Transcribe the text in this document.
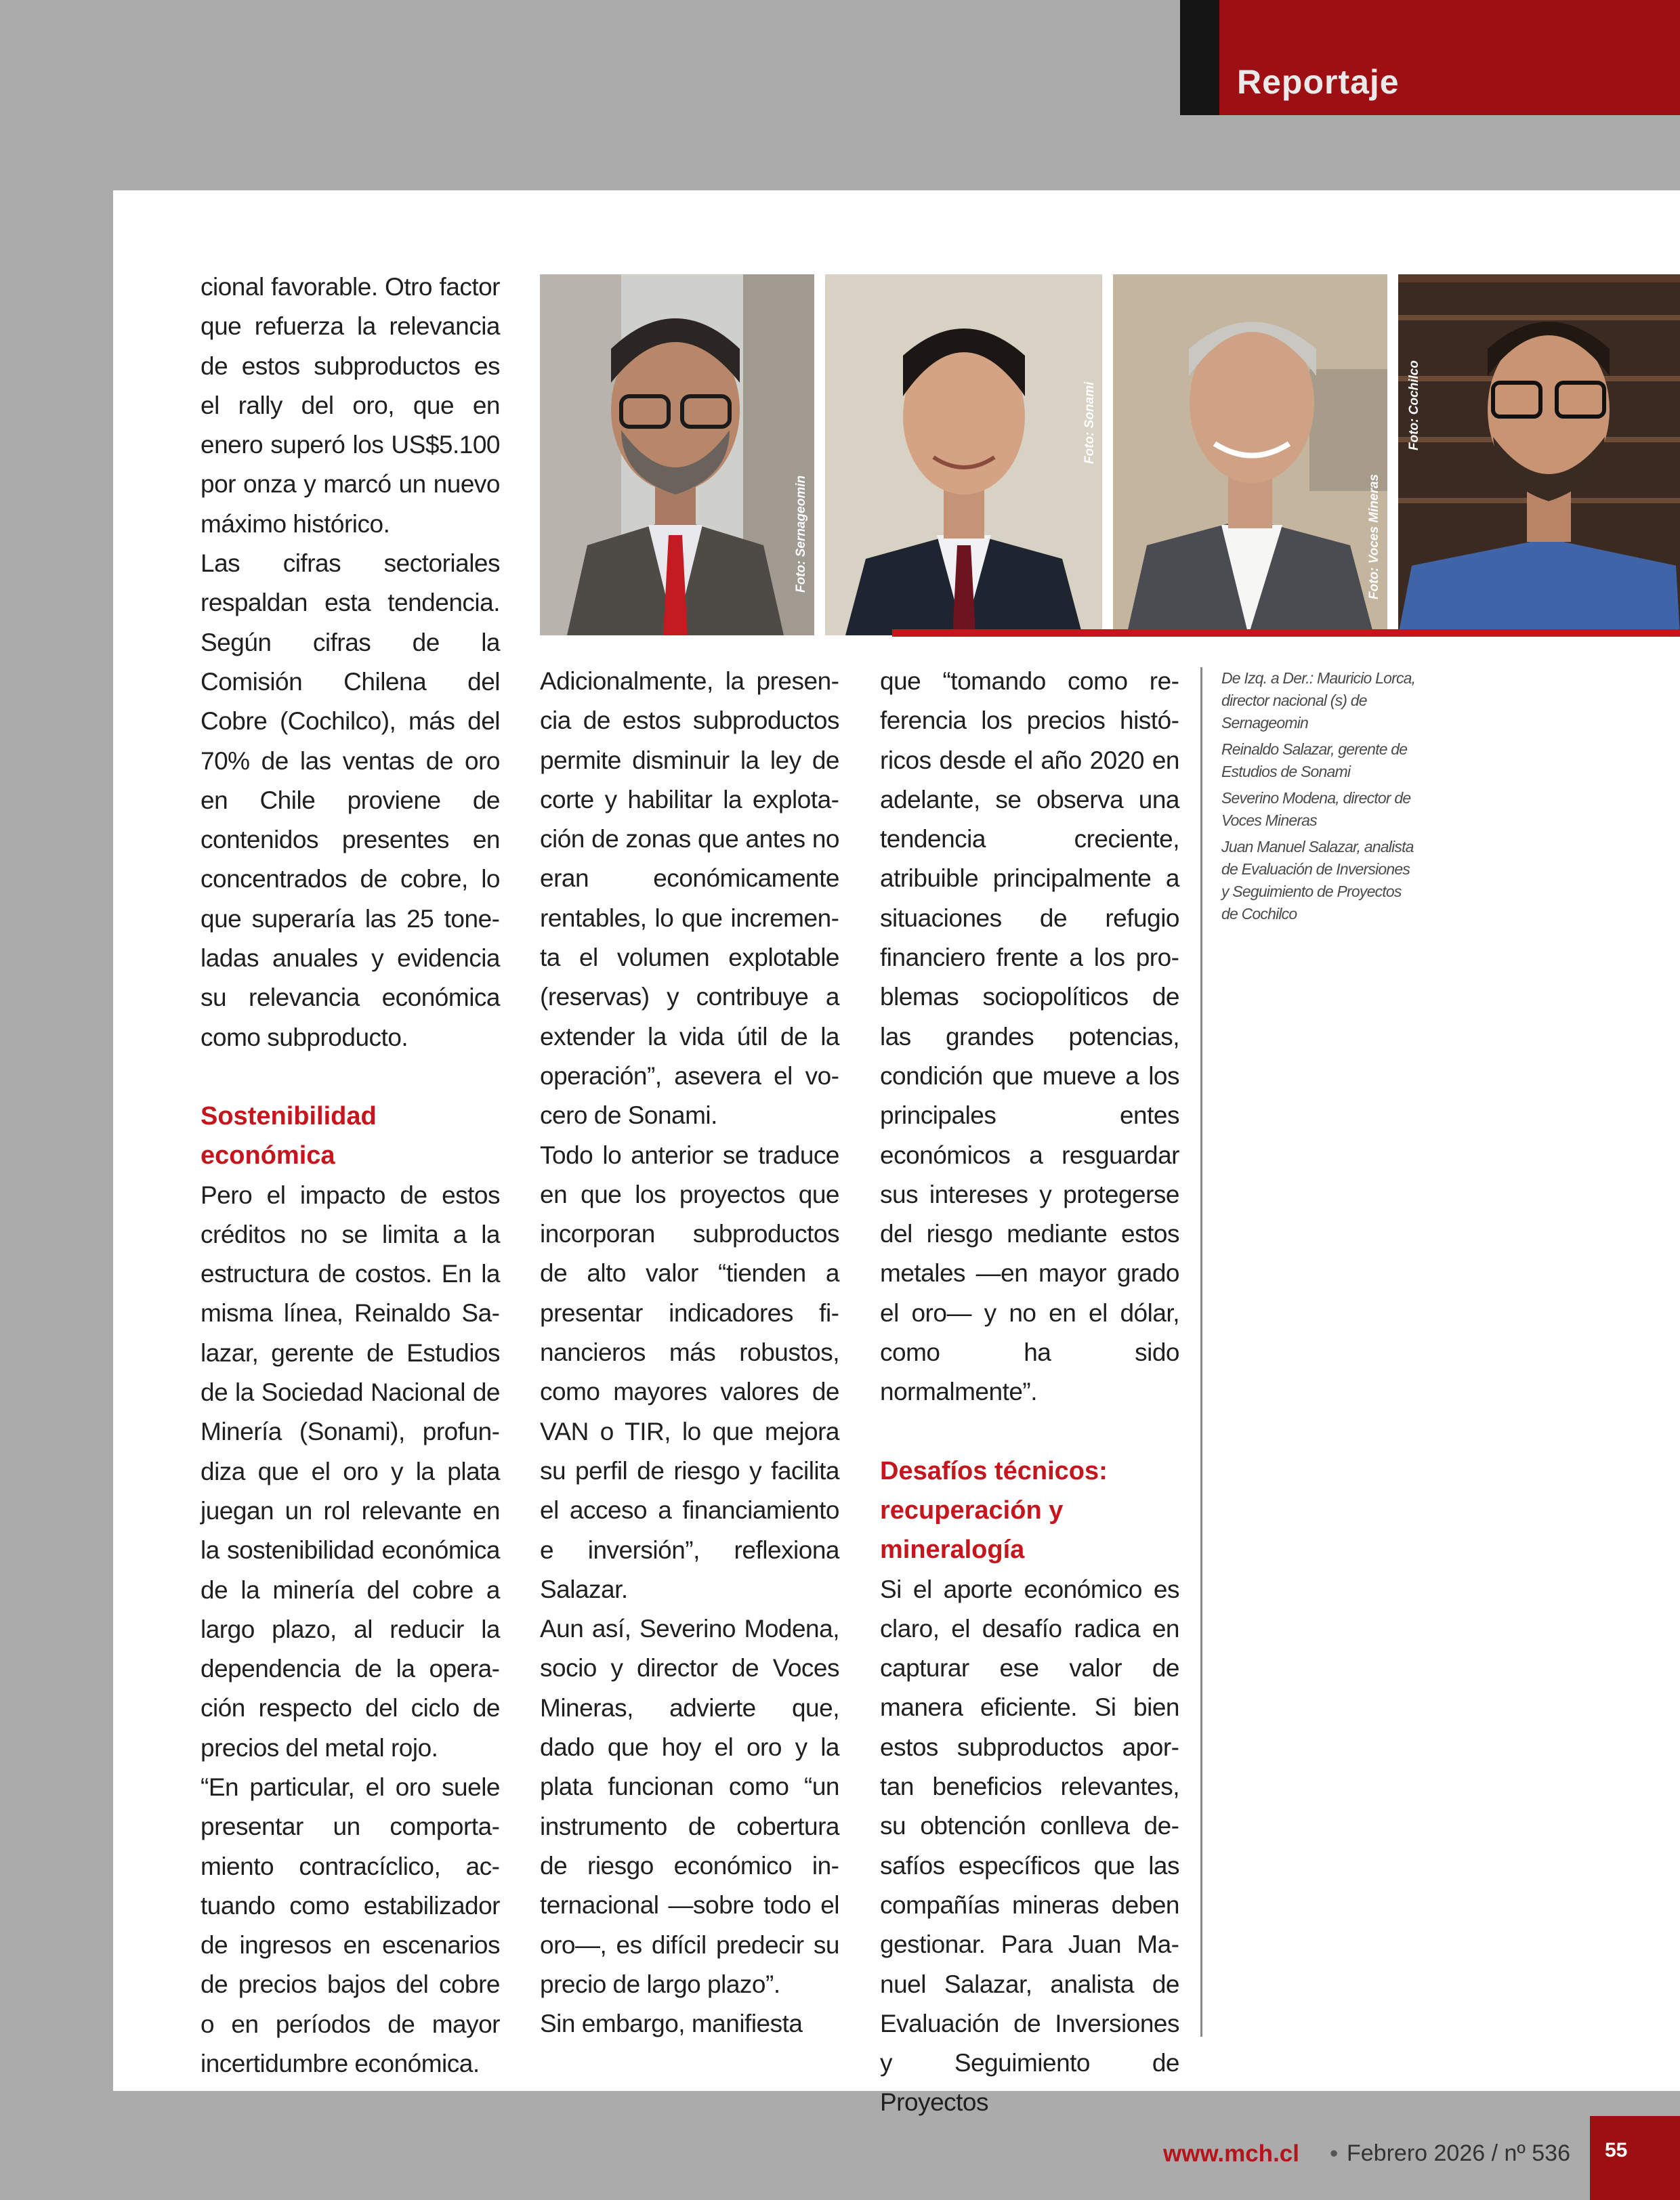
Reportaje
Foto: Sernageomin
Foto: Sonami
Foto: Voces Mineras
Foto: Cochilco

cional favorable. Otro factor que refuerza la relevancia de estos subproductos es el rally del oro, que en enero superó los US$5.100 por onza y marcó un nuevo máximo histórico.

Las cifras sectoriales respaldan esta tendencia. Según cifras de la Comisión Chilena del Cobre (Cochilco), más del 70% de las ventas de oro en Chile proviene de contenidos presentes en concentrados de cobre, lo que superaría las 25 toneladas anuales y evidencia su relevancia económica como subproducto.

Sostenibilidad económica

Pero el impacto de estos créditos no se limita a la estructura de costos. En la misma línea, Reinaldo Salazar, gerente de Estudios de la Sociedad Nacional de Minería (Sonami), profundiza que el oro y la plata juegan un rol relevante en la sostenibilidad económica de la minería del cobre a largo plazo, al reducir la dependencia de la operación respecto del ciclo de precios del metal rojo.

“En particular, el oro suele presentar un comportamiento contracíclico, actuando como estabilizador de ingresos en escenarios de precios bajos del cobre o en períodos de mayor incertidumbre económica.

Adicionalmente, la presencia de estos subproductos permite disminuir la ley de corte y habilitar la explotación de zonas que antes no eran económicamente rentables, lo que incrementa el volumen explotable (reservas) y contribuye a extender la vida útil de la operación”, asevera el vocero de Sonami.

Todo lo anterior se traduce en que los proyectos que incorporan subproductos de alto valor “tienden a presentar indicadores financieros más robustos, como mayores valores de VAN o TIR, lo que mejora su perfil de riesgo y facilita el acceso a financiamiento e inversión”, reflexiona Salazar.

Aun así, Severino Modena, socio y director de Voces Mineras, advierte que, dado que hoy el oro y la plata funcionan como “un instrumento de cobertura de riesgo económico internacional —sobre todo el oro—, es difícil predecir su precio de largo plazo”.

Sin embargo, manifiesta

que “tomando como referencia los precios históricos desde el año 2020 en adelante, se observa una tendencia creciente, atribuible principalmente a situaciones de refugio financiero frente a los problemas sociopolíticos de las grandes potencias, condición que mueve a los principales entes económicos a resguardar sus intereses y protegerse del riesgo mediante estos metales —en mayor grado el oro— y no en el dólar, como ha sido normalmente”.

Desafíos técnicos: recuperación y mineralogía

Si el aporte económico es claro, el desafío radica en capturar ese valor de manera eficiente. Si bien estos subproductos aportan beneficios relevantes, su obtención conlleva desafíos específicos que las compañías mineras deben gestionar. Para Juan Manuel Salazar, analista de Evaluación de Inversiones y Seguimiento de Proyectos

De Izq. a Der.: Mauricio Lorca, director nacional (s) de Sernageomin
Reinaldo Salazar, gerente de Estudios de Sonami
Severino Modena, director de Voces Mineras
Juan Manuel Salazar, analista de Evaluación de Inversiones y Seguimiento de Proyectos de Cochilco
www.mch.cl • Febrero 2026 / nº 536 55
